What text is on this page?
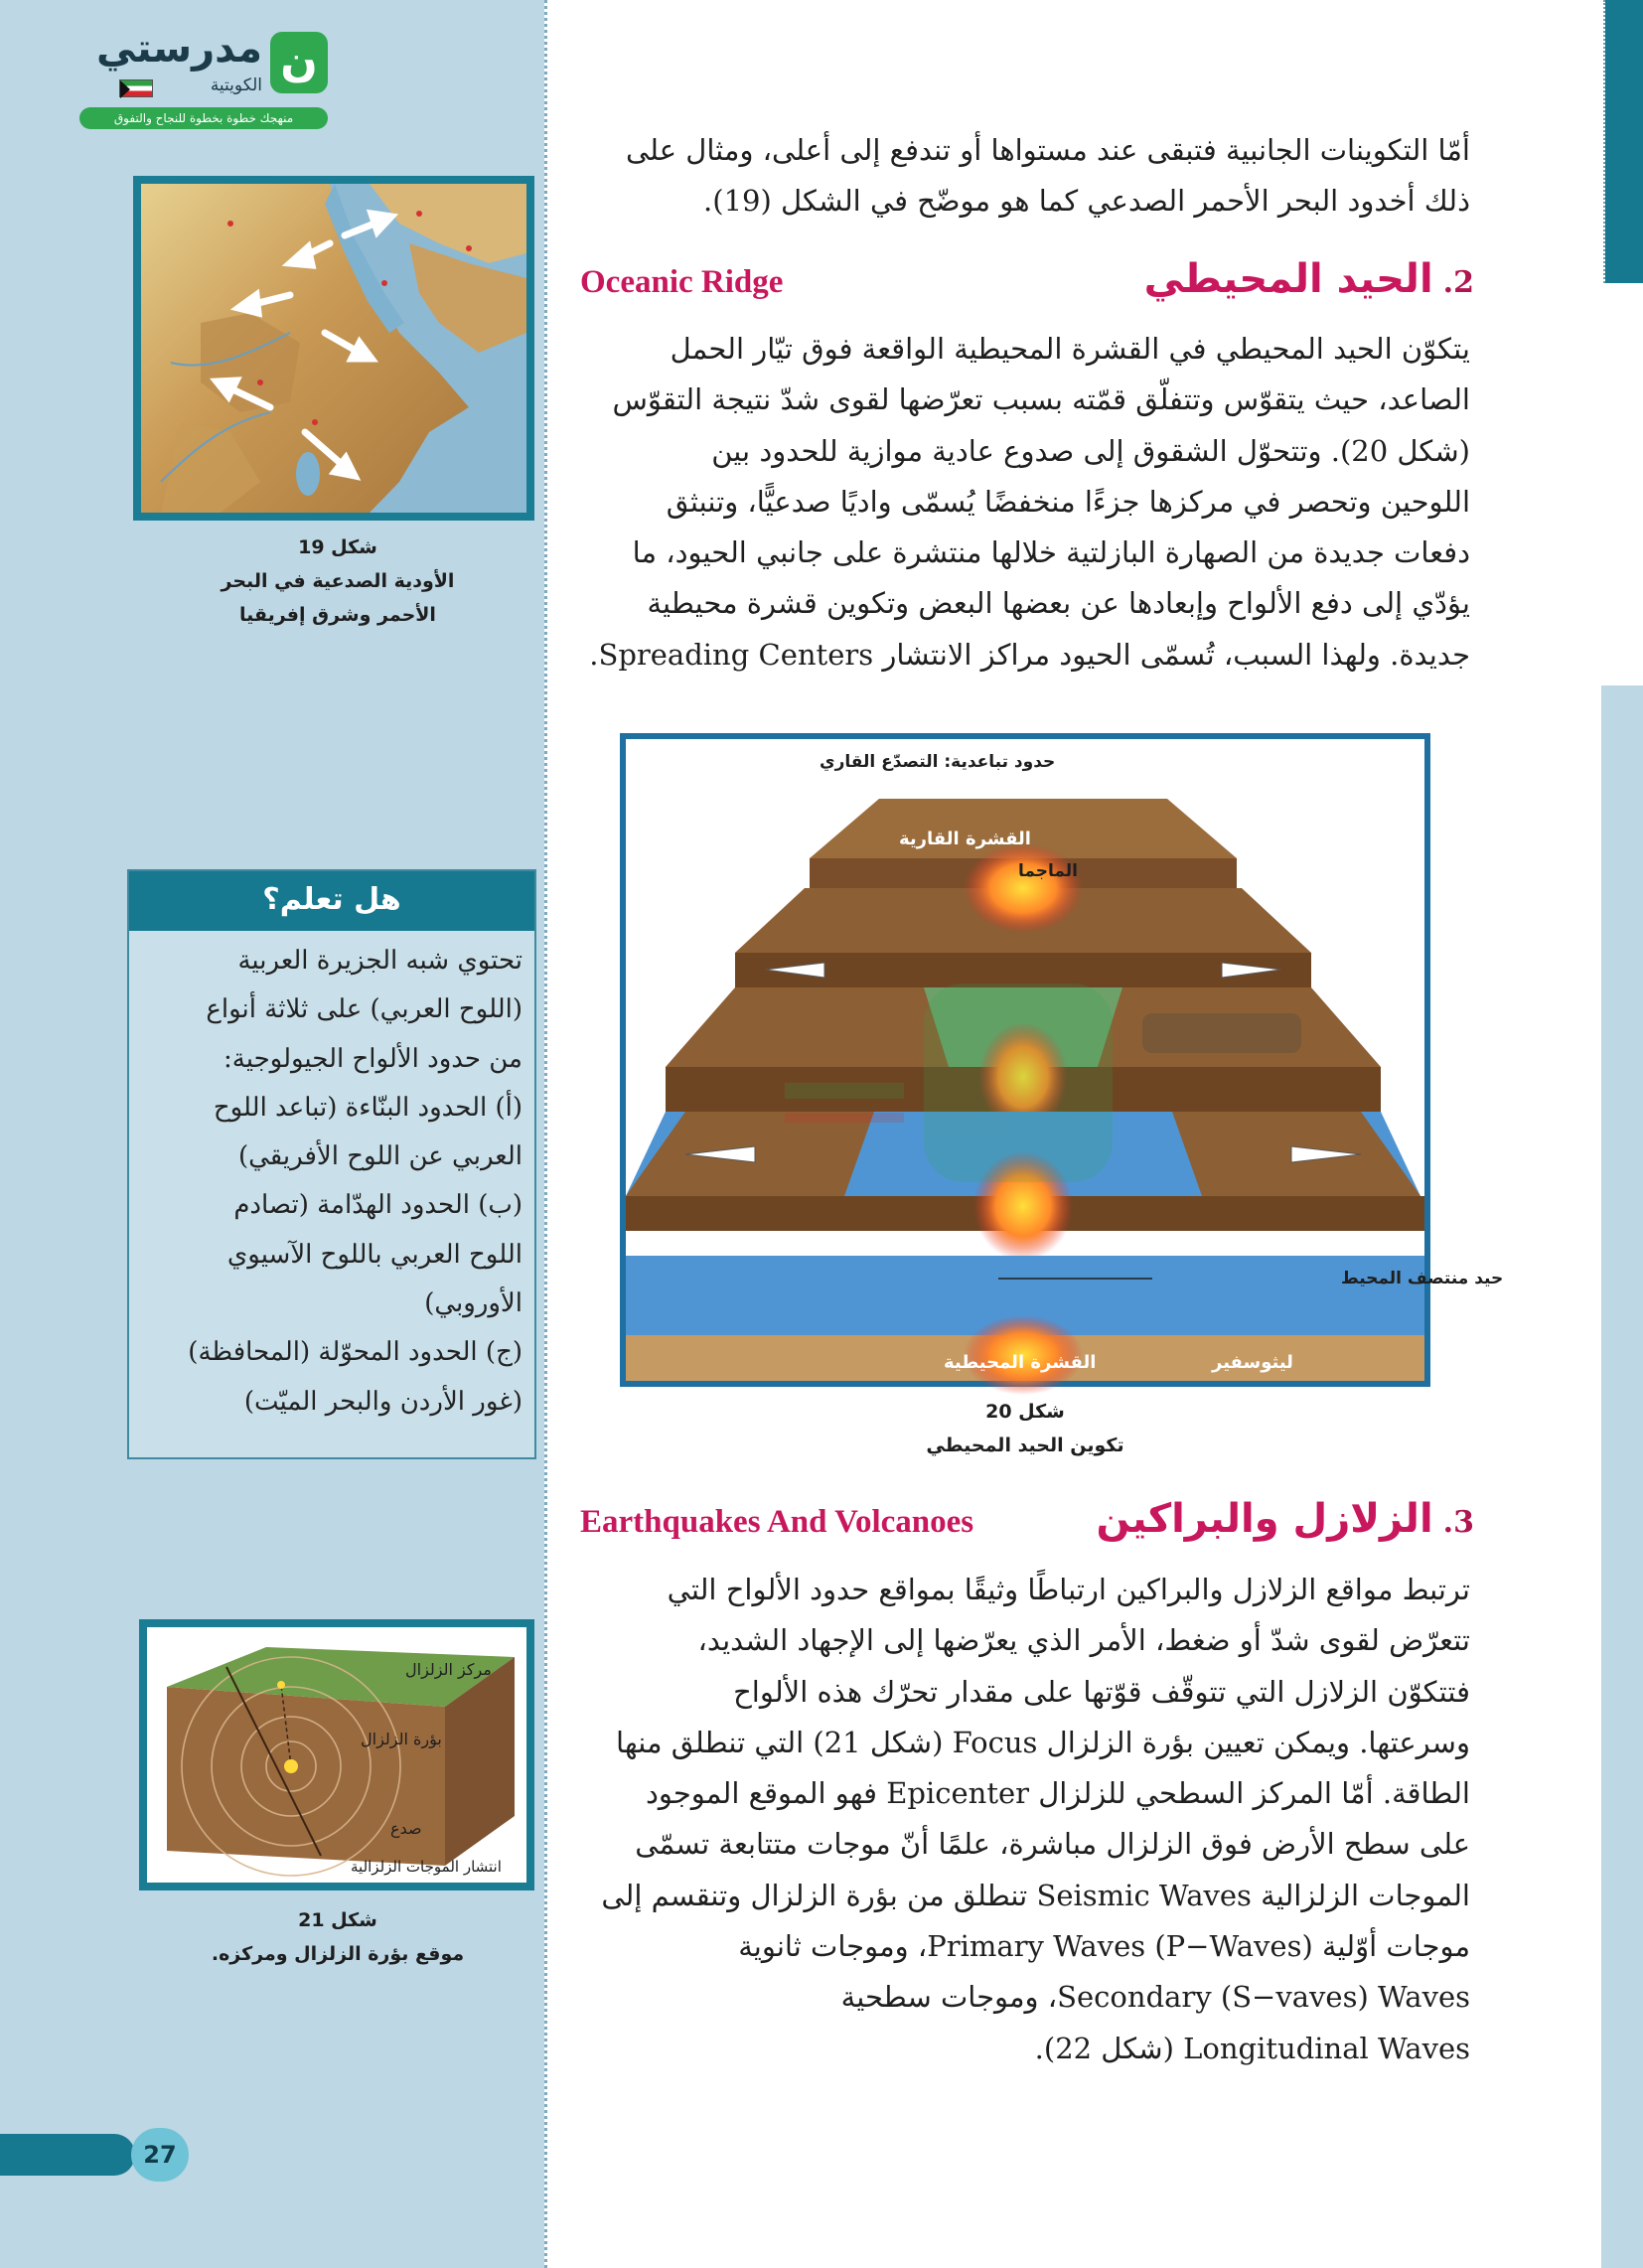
ن
مدرستي
الكويتية
منهجك خطوة بخطوة للنجاح والتفوق
شكل 19
الأودية الصدعية في البحر
الأحمر وشرق إفريقيا
هل تعلم؟

تحتوي شبه الجزيرة العربية

(اللوح العربي) على ثلاثة أنواع

من حدود الألواح الجيولوجية:

(أ) الحدود البنّاءة (تباعد اللوح

العربي عن اللوح الأفريقي)

(ب) الحدود الهدّامة (تصادم

اللوح العربي باللوح الآسيوي

الأوروبي)

(ج) الحدود المحوّلة (المحافظة)

(غور الأردن والبحر الميّت)

مركز الزلزال
بؤرة الزلزال
صدع
انتشار الموجات الزلزالية
شكل 21
موقع بؤرة الزلزال ومركزه.
27

أمّا التكوينات الجانبية فتبقى عند مستواها أو تندفع إلى أعلى، ومثال على

ذلك أخدود البحر الأحمر الصدعي كما هو موضّح في الشكل (19).

2.الحيد المحيطي
Oceanic Ridge

يتكوّن الحيد المحيطي في القشرة المحيطية الواقعة فوق تيّار الحمل

الصاعد، حيث يتقوّس وتتفلّق قمّته بسبب تعرّضها لقوى شدّ نتيجة التقوّس

(شكل 20). وتتحوّل الشقوق إلى صدوع عادية موازية للحدود بين

اللوحين وتحصر في مركزها جزءًا منخفضًا يُسمّى واديًا صدعيًّا، وتنبثق

دفعات جديدة من الصهارة البازلتية خلالها منتشرة على جانبي الحيود، ما

يؤدّي إلى دفع الألواح وإبعادها عن بعضها البعض وتكوين قشرة محيطية

جديدة. ولهذا السبب، تُسمّى الحيود مراكز الانتشار Spreading Centers.

حدود تباعدية: التصدّع القاري
القشرة القارية
الماجما
حيد منتصف المحيط
القشرة المحيطية	ليثوسفير
شكل 20
تكوين الحيد المحيطي
3.الزلازل والبراكين
Earthquakes And Volcanoes

ترتبط مواقع الزلازل والبراكين ارتباطًا وثيقًا بمواقع حدود الألواح التي

تتعرّض لقوى شدّ أو ضغط، الأمر الذي يعرّضها إلى الإجهاد الشديد،

فتتكوّن الزلازل التي تتوقّف قوّتها على مقدار تحرّك هذه الألواح

وسرعتها. ويمكن تعيين بؤرة الزلزال Focus (شكل 21) التي تنطلق منها

الطاقة. أمّا المركز السطحي للزلزال Epicenter فهو الموقع الموجود

على سطح الأرض فوق الزلزال مباشرة، علمًا أنّ موجات متتابعة تسمّى

الموجات الزلزالية Seismic Waves تنطلق من بؤرة الزلزال وتنقسم إلى

موجات أوّلية (Primary Waves (P−Waves، وموجات ثانوية

Secondary (S−vaves) Waves، وموجات سطحية

Longitudinal Waves (شكل 22).
